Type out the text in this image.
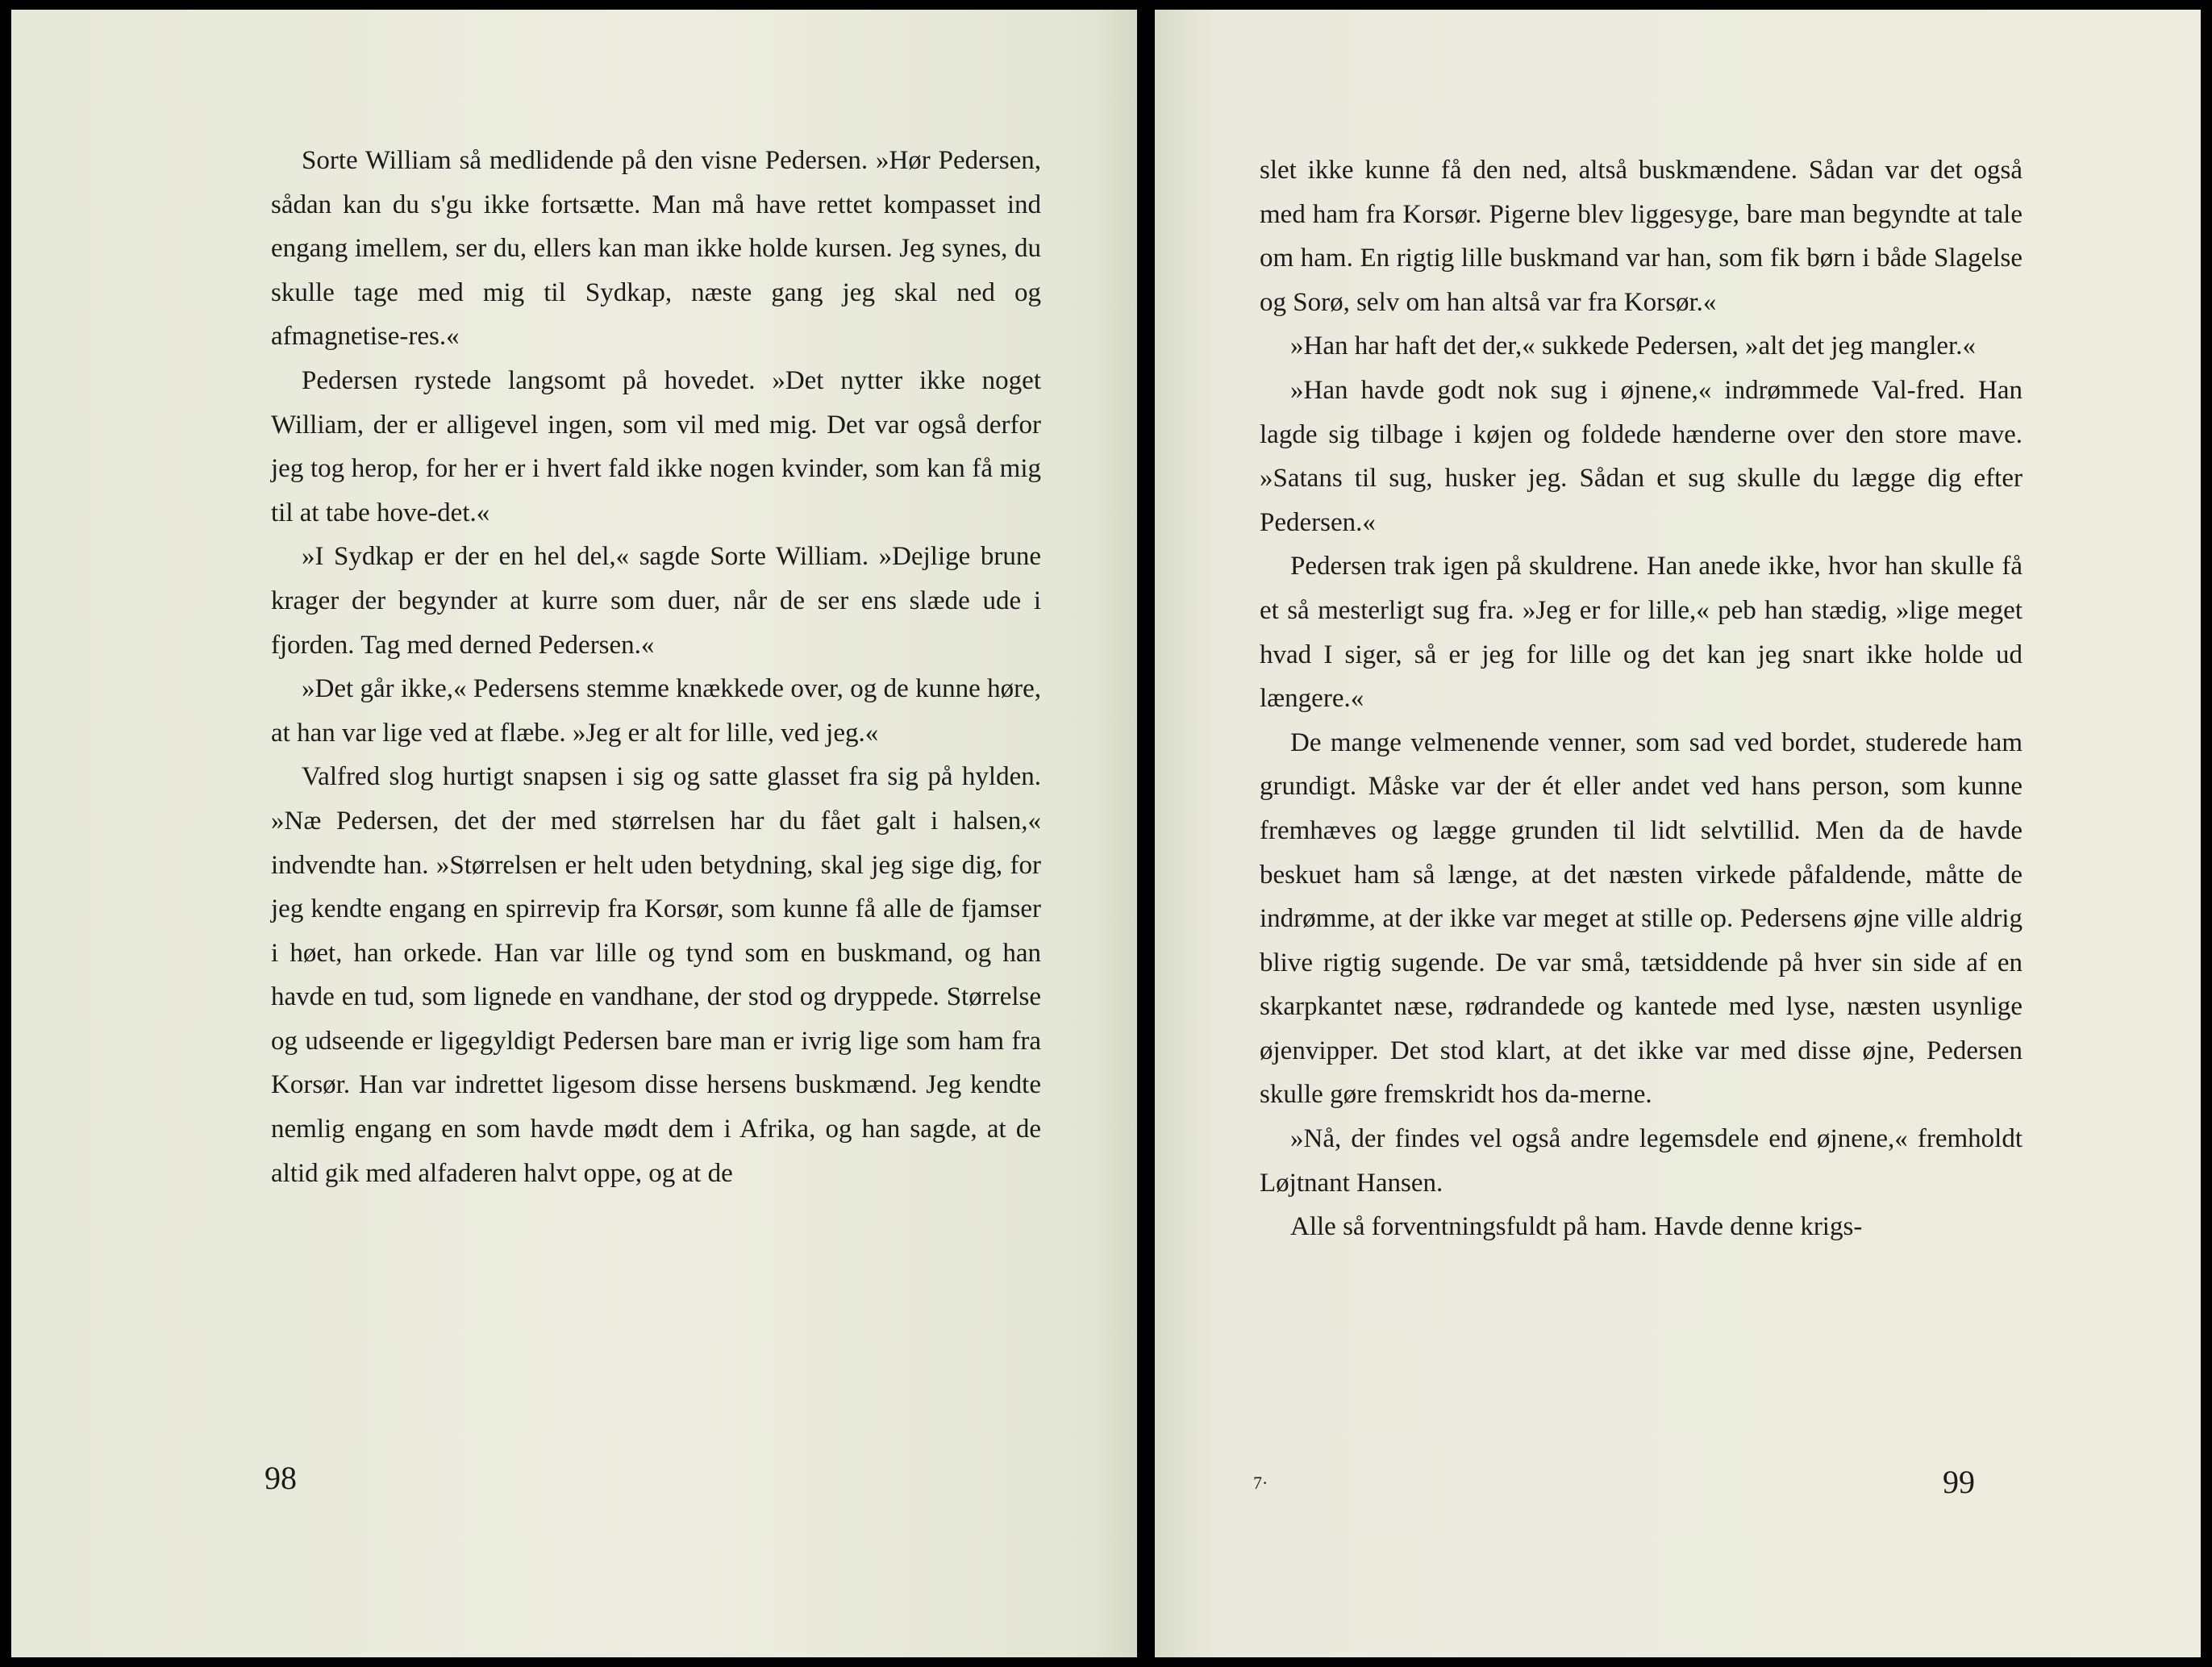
Sorte William så medlidende på den visne Pedersen. »Hør Pedersen, sådan kan du s'gu ikke fortsætte. Man må have rettet kompasset ind engang imellem, ser du, ellers kan man ikke holde kursen. Jeg synes, du skulle tage med mig til Sydkap, næste gang jeg skal ned og afmagnetise-res.«

Pedersen rystede langsomt på hovedet. »Det nytter ikke noget William, der er alligevel ingen, som vil med mig. Det var også derfor jeg tog herop, for her er i hvert fald ikke nogen kvinder, som kan få mig til at tabe hove-det.«

»I Sydkap er der en hel del,« sagde Sorte William. »Dejlige brune krager der begynder at kurre som duer, når de ser ens slæde ude i fjorden. Tag med derned Pedersen.«

»Det går ikke,« Pedersens stemme knækkede over, og de kunne høre, at han var lige ved at flæbe. »Jeg er alt for lille, ved jeg.«

Valfred slog hurtigt snapsen i sig og satte glasset fra sig på hylden. »Næ Pedersen, det der med størrelsen har du fået galt i halsen,« indvendte han. »Størrelsen er helt uden betydning, skal jeg sige dig, for jeg kendte engang en spirrevip fra Korsør, som kunne få alle de fjamser i høet, han orkede. Han var lille og tynd som en buskmand, og han havde en tud, som lignede en vandhane, der stod og dryppede. Størrelse og udseende er ligegyldigt Pedersen bare man er ivrig lige som ham fra Korsør. Han var indrettet ligesom disse hersens buskmænd. Jeg kendte nemlig engang en som havde mødt dem i Afrika, og han sagde, at de altid gik med alfaderen halvt oppe, og at de

98

slet ikke kunne få den ned, altså buskmændene. Sådan var det også med ham fra Korsør. Pigerne blev liggesyge, bare man begyndte at tale om ham. En rigtig lille buskmand var han, som fik børn i både Slagelse og Sorø, selv om han altså var fra Korsør.«

»Han har haft det der,« sukkede Pedersen, »alt det jeg mangler.«

»Han havde godt nok sug i øjnene,« indrømmede Val-fred. Han lagde sig tilbage i køjen og foldede hænderne over den store mave. »Satans til sug, husker jeg. Sådan et sug skulle du lægge dig efter Pedersen.«

Pedersen trak igen på skuldrene. Han anede ikke, hvor han skulle få et så mesterligt sug fra. »Jeg er for lille,« peb han stædig, »lige meget hvad I siger, så er jeg for lille og det kan jeg snart ikke holde ud længere.«

De mange velmenende venner, som sad ved bordet, studerede ham grundigt. Måske var der ét eller andet ved hans person, som kunne fremhæves og lægge grunden til lidt selvtillid. Men da de havde beskuet ham så længe, at det næsten virkede påfaldende, måtte de indrømme, at der ikke var meget at stille op. Pedersens øjne ville aldrig blive rigtig sugende. De var små, tætsiddende på hver sin side af en skarpkantet næse, rødrandede og kantede med lyse, næsten usynlige øjenvipper. Det stod klart, at det ikke var med disse øjne, Pedersen skulle gøre fremskridt hos da-merne.

»Nå, der findes vel også andre legemsdele end øjnene,« fremholdt Løjtnant Hansen.

Alle så forventningsfuldt på ham. Havde denne krigs-

7·	99
